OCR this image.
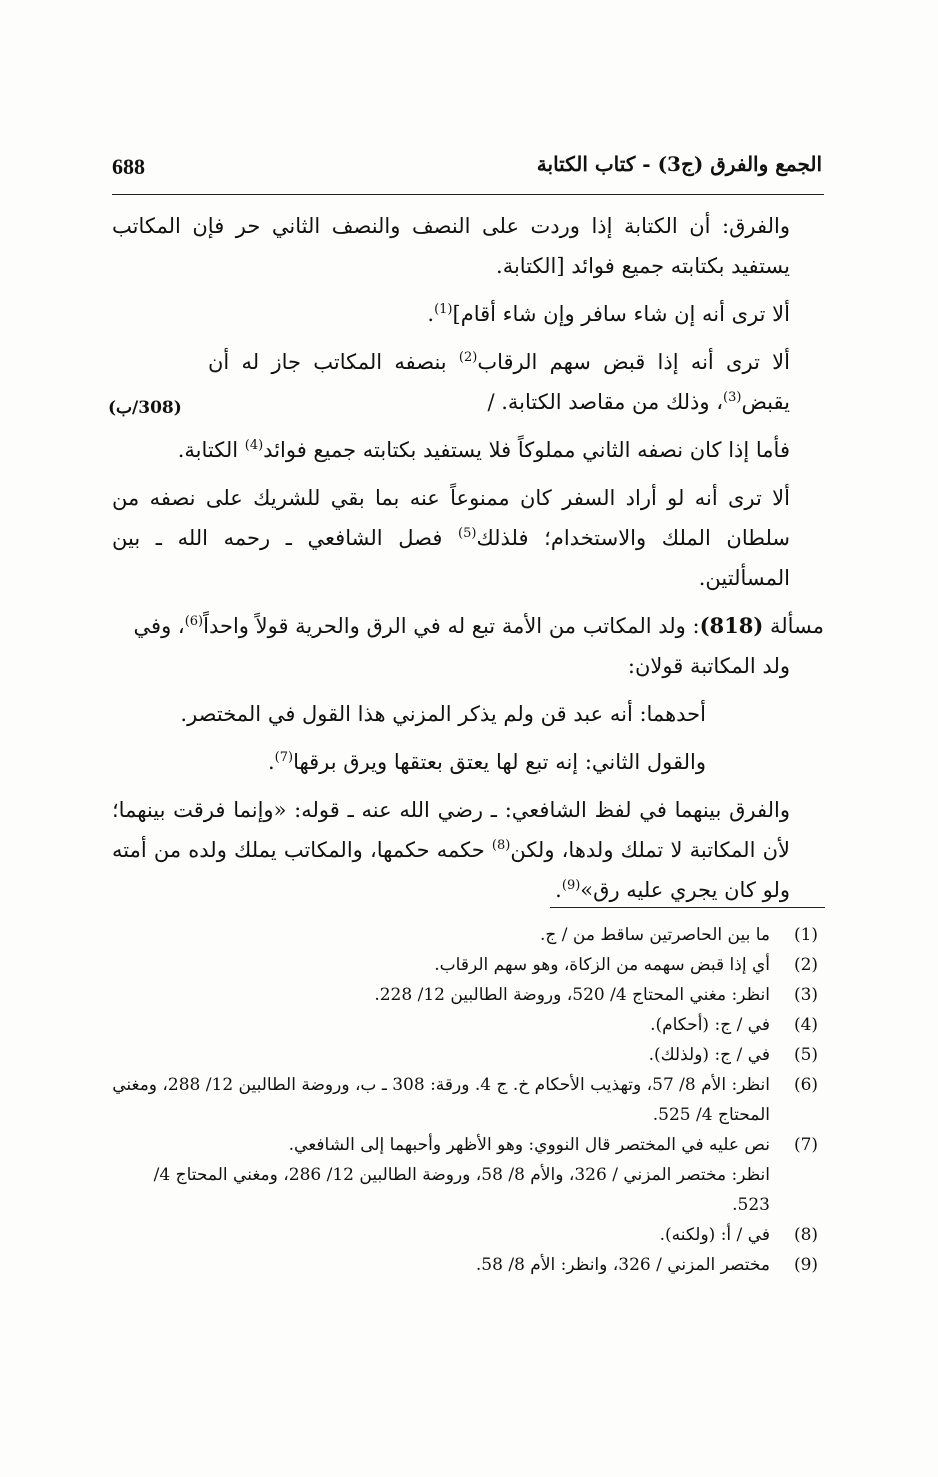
688	الجمع والفرق (ج3) - كتاب الكتابة
(308/ب)

والفرق: أن الكتابة إذا وردت على النصف والنصف الثاني حر فإن المكاتب يستفيد بكتابته جميع فوائد [الكتابة.

ألا ترى أنه إن شاء سافر وإن شاء أقام]$^{(1)}$.

ألا ترى أنه إذا قبض سهم الرقاب$^{(2)}$ بنصفه المكاتب جاز له أن يقبض$^{(3)}$، وذلك من مقاصد الكتابة. /

فأما إذا كان نصفه الثاني مملوكاً فلا يستفيد بكتابته جميع فوائد$^{(4)}$ الكتابة.

ألا ترى أنه لو أراد السفر كان ممنوعاً عنه بما بقي للشريك على نصفه من سلطان الملك والاستخدام؛ فلذلك$^{(5)}$ فصل الشافعي ـ رحمه الله ـ بين المسألتين.

مسألة (818): ولد المكاتب من الأمة تبع له في الرق والحرية قولاً واحداً$^{(6)}$، وفي

ولد المكاتبة قولان:

أحدهما: أنه عبد قن ولم يذكر المزني هذا القول في المختصر.

والقول الثاني: إنه تبع لها يعتق بعتقها ويرق برقها$^{(7)}$.

والفرق بينهما في لفظ الشافعي: ـ رضي الله عنه ـ قوله: «وإنما فرقت بينهما؛ لأن المكاتبة لا تملك ولدها، ولكن$^{(8)}$ حكمه حكمها، والمكاتب يملك ولده من أمته ولو كان يجري عليه رق»$^{(9)}$.

(1)
ما بين الحاصرتين ساقط من / ج.

(2)
أي إذا قبض سهمه من الزكاة، وهو سهم الرقاب.

(3)
انظر: مغني المحتاج 4/ 520، وروضة الطالبين 12/ 228.

(4)
في / ج: (أحكام).

(5)
في / ج: (ولذلك).

(6)
انظر: الأم 8/ 57، وتهذيب الأحكام خ. ج 4. ورقة: 308 ـ ب، وروضة الطالبين 12/ 288، ومغني المحتاج 4/ 525.

(7)
نص عليه في المختصر قال النووي: وهو الأظهر وأحبهما إلى الشافعي.
انظر: مختصر المزني / 326، والأم 8/ 58، وروضة الطالبين 12/ 286، ومغني المحتاج 4/ 523.

(8)
في / أ: (ولكنه).

(9)
مختصر المزني / 326، وانظر: الأم 8/ 58.
